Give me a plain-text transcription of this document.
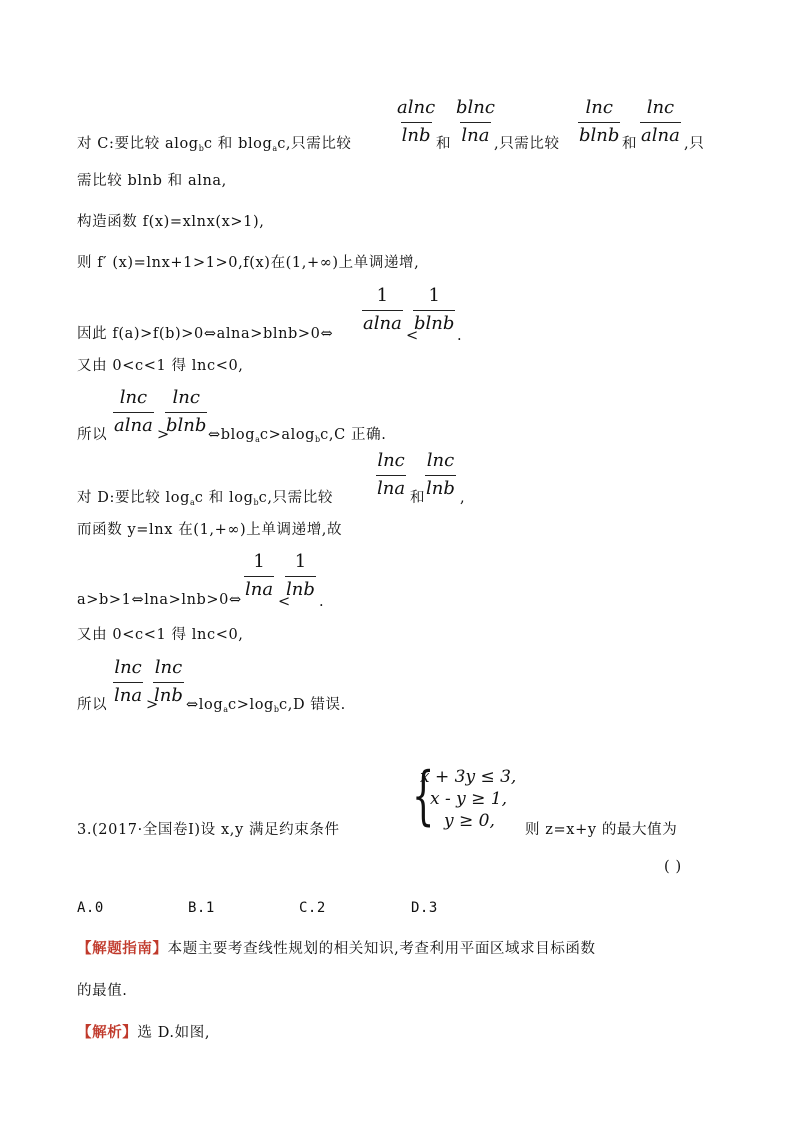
$\frac{alnc}{\ln b}$ 和 $\frac{blnc}{\ln a}$	$\frac{\ln c}{blnb}$ 和 $\frac{\ln c}{alna}$
对 C:要比较 alog$_b$c 和 blog$_a$c,只需比较	,只需比较	,只
需比较 blnb 和 alna,
构造函数 f(x)=xlnx(x>1),
则 f′ (x)=lnx+1>1>0,f(x)在(1,+∞)上单调递增,
因此 f(a)>f(b)>0⇔alna>blnb>0⇔ $\frac{1}{alna}$
<
$\frac{1}{blnb}$
.
又由 0<c<1 得 lnc<0,
所以 $\frac{\ln c}{alna}$ >
$\frac{\ln c}{blnb}$ ⇔blog$_a$c>alog$_b$c,C 正确.
对 D:要比较 $\log_ac$ 和 $\log_bc$,只需比较 $\frac{\ln c}{\ln a}$ 和 $\frac{\ln c}{\ln b}$ ,
而函数 y=lnx 在(1,+∞)上单调递增,故
a>b>1⇔lna>lnb>0⇔ $\frac{1}{\ln a}$
<
$\frac{1}{\ln b}$
.
又由 0<c<1 得 lnc<0,
所以 $\frac{\ln c}{\ln a}$ >
$\frac{\ln c}{\ln b}$ $\Leftrightarrow\log_ac>\log_bc,D$ 错误.
3.(2017·全国卷Ⅰ)设 x,y 满足约束条件 {
x + 3y ≤ 3,
x - y ≥ 1,
y ≥ 0, 则 z=x+y 的最大值为
( )
A.0	B.1	C.2	D.3
【解题指南】本题主要考查线性规划的相关知识,考查利用平面区域求目标函数
的最值.
【解析】选 D.如图,
